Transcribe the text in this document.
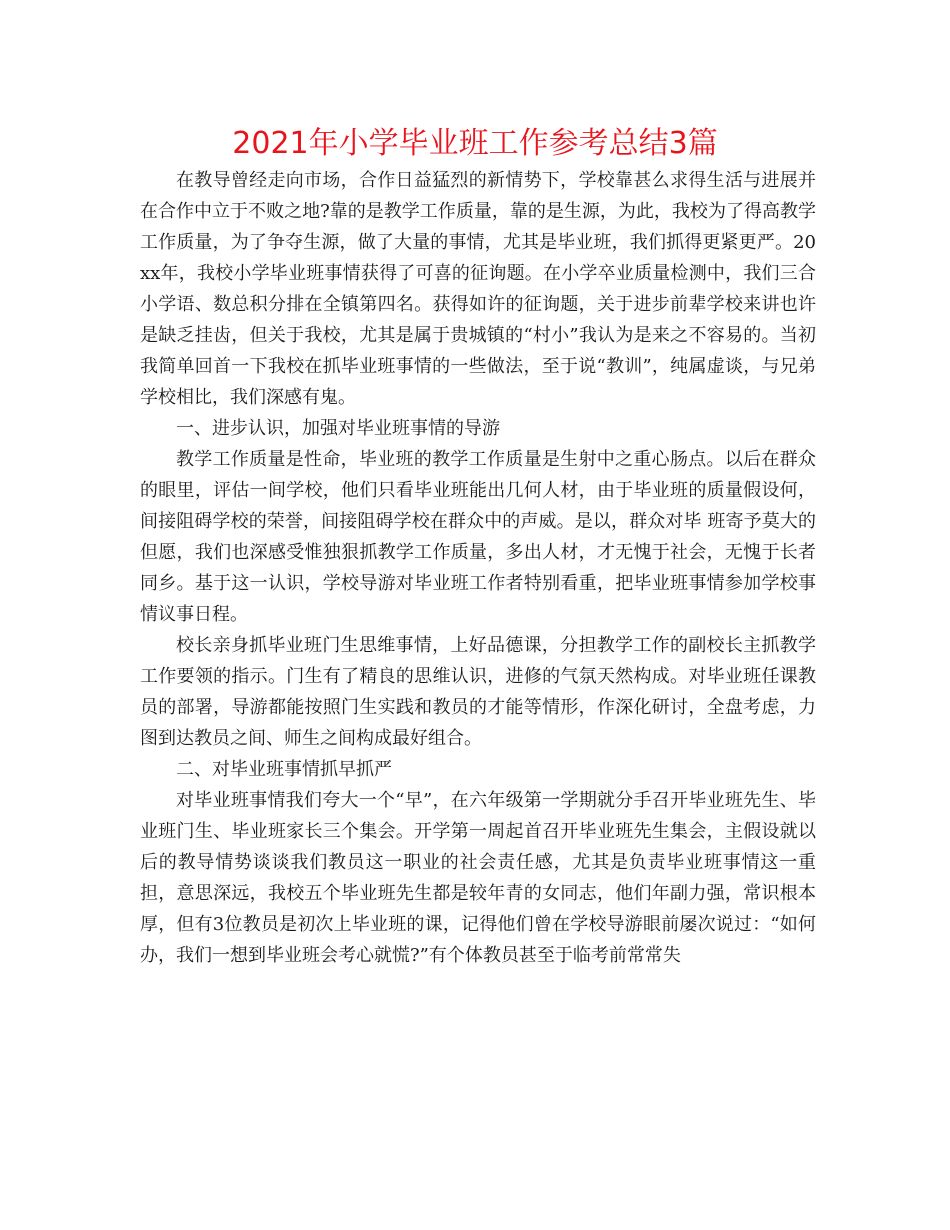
2021年小学毕业班工作参考总结3篇

在教导曾经走向市场，合作日益猛烈的新情势下，学校靠甚么求得生活与进展并在合作中立于不败之地?靠的是教学工作质量，靠的是生源，为此，我校为了得高教学工作质量，为了争夺生源，做了大量的事情，尤其是毕业班，我们抓得更紧更严。20xx年，我校小学毕业班事情获得了可喜的征询题。在小学卒业质量检测中，我们三合小学语、数总积分排在全镇第四名。获得如许的征询题，关于进步前辈学校来讲也许是缺乏挂齿，但关于我校，尤其是属于贵城镇的“村小”我认为是来之不容易的。当初我简单回首一下我校在抓毕业班事情的一些做法，至于说“教训”，纯属虚谈，与兄弟学校相比，我们深感有鬼。

一、进步认识，加强对毕业班事情的导游

教学工作质量是性命，毕业班的教学工作质量是生射中之重心肠点。以后在群众的眼里，评估一间学校，他们只看毕业班能出几何人材，由于毕业班的质量假设何，间接阻碍学校的荣誉，间接阻碍学校在群众中的声威。是以，群众对毕 班寄予莫大的但愿，我们也深感受惟独狠抓教学工作质量，多出人材，才无愧于社会，无愧于长者同乡。基于这一认识，学校导游对毕业班工作者特别看重，把毕业班事情参加学校事情议事日程。

校长亲身抓毕业班门生思维事情，上好品德课，分担教学工作的副校长主抓教学工作要领的指示。门生有了精良的思维认识，进修的气氛天然构成。对毕业班任课教员的部署，导游都能按照门生实践和教员的才能等情形，作深化研讨，全盘考虑，力图到达教员之间、师生之间构成最好组合。

二、对毕业班事情抓早抓严

对毕业班事情我们夸大一个“早”，在六年级第一学期就分手召开毕业班先生、毕业班门生、毕业班家长三个集会。开学第一周起首召开毕业班先生集会，主假设就以后的教导情势谈谈我们教员这一职业的社会责任感，尤其是负责毕业班事情这一重担，意思深远，我校五个毕业班先生都是较年青的女同志，他们年副力强，常识根本厚，但有3位教员是初次上毕业班的课，记得他们曾在学校导游眼前屡次说过：“如何办，我们一想到毕业班会考心就慌?”有个体教员甚至于临考前常常失
